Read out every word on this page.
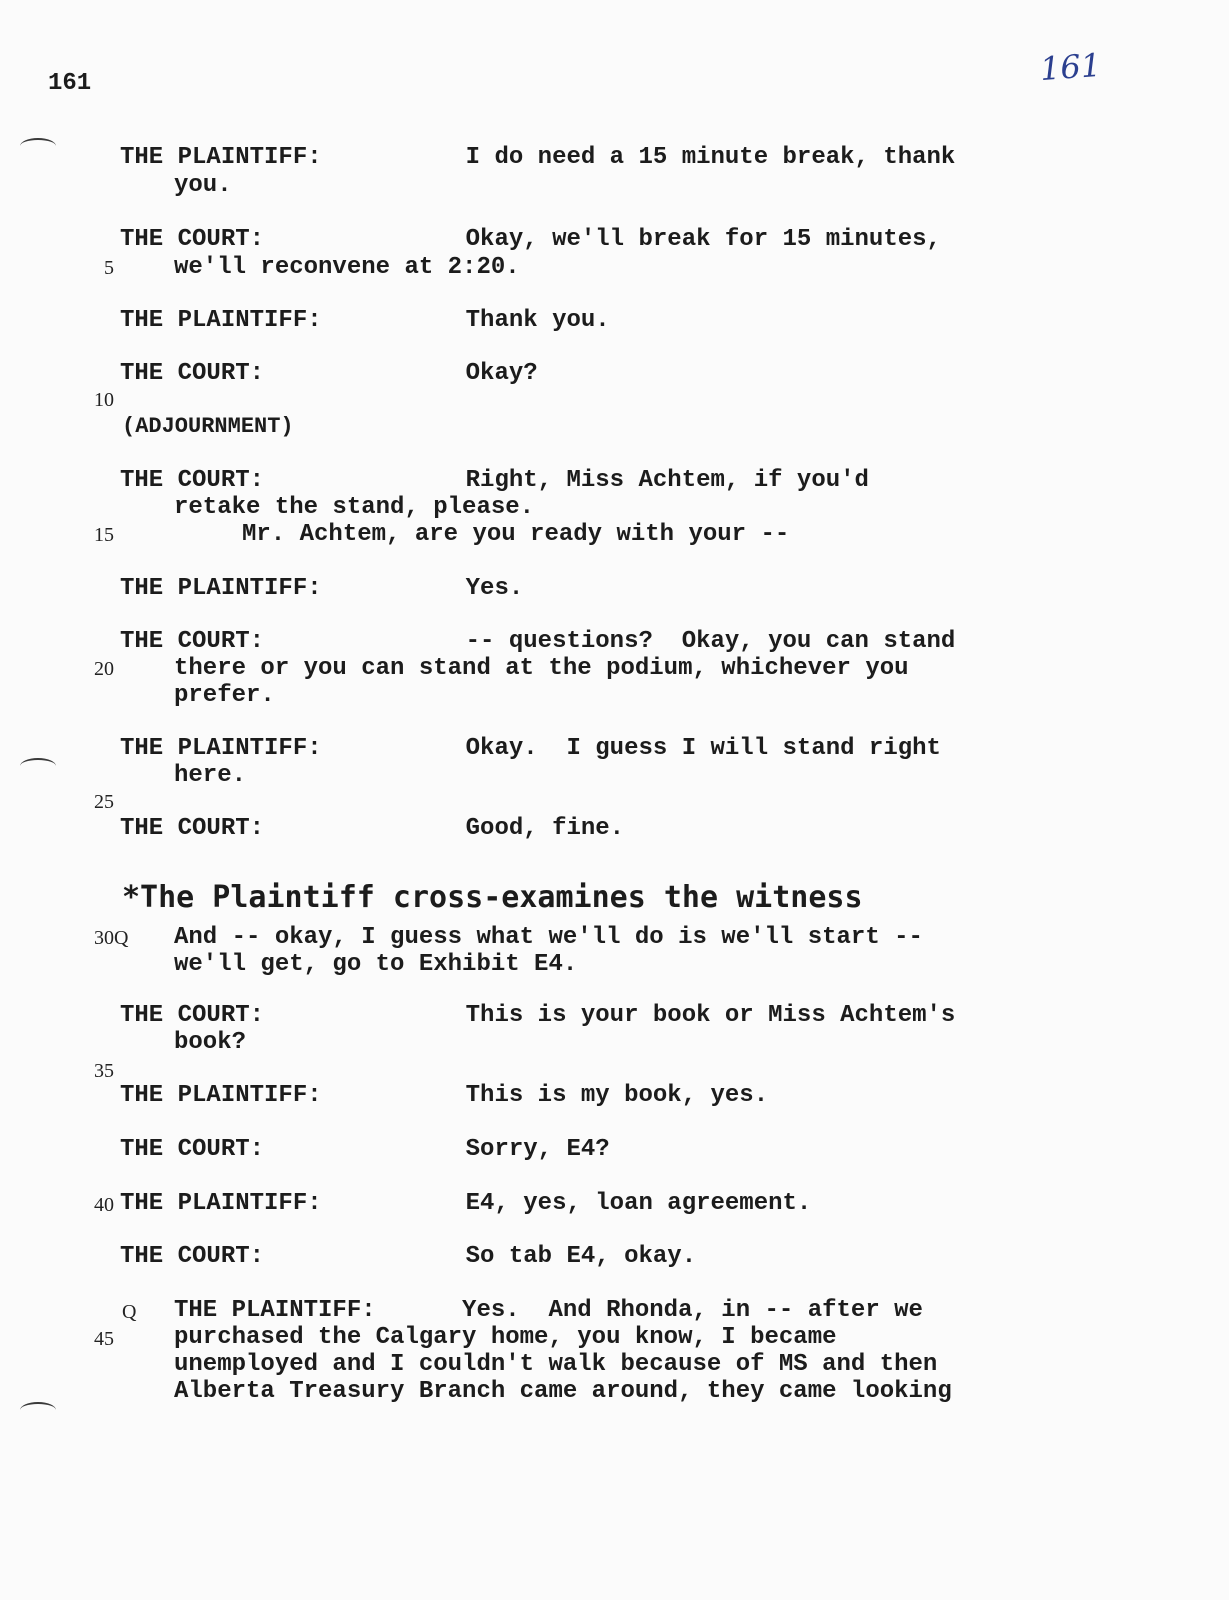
161	161
5
10
15
20
25
30Q
35
40
Q
45
THE PLAINTIFF:          I do need a 15 minute break, thank
you.
THE COURT:              Okay, we'll break for 15 minutes,
we'll reconvene at 2:20.
THE PLAINTIFF:          Thank you.
THE COURT:              Okay?
(ADJOURNMENT)
THE COURT:              Right, Miss Achtem, if you'd
retake the stand, please.
Mr. Achtem, are you ready with your --
THE PLAINTIFF:          Yes.
THE COURT:              -- questions?  Okay, you can stand
there or you can stand at the podium, whichever you
prefer.
THE PLAINTIFF:          Okay.  I guess I will stand right
here.
THE COURT:              Good, fine.
*The Plaintiff cross-examines the witness
And -- okay, I guess what we'll do is we'll start --
we'll get, go to Exhibit E4.
THE COURT:              This is your book or Miss Achtem's
book?
THE PLAINTIFF:          This is my book, yes.
THE COURT:              Sorry, E4?
THE PLAINTIFF:          E4, yes, loan agreement.
THE COURT:              So tab E4, okay.
THE PLAINTIFF:      Yes.  And Rhonda, in -- after we
purchased the Calgary home, you know, I became
unemployed and I couldn't walk because of MS and then
Alberta Treasury Branch came around, they came looking
